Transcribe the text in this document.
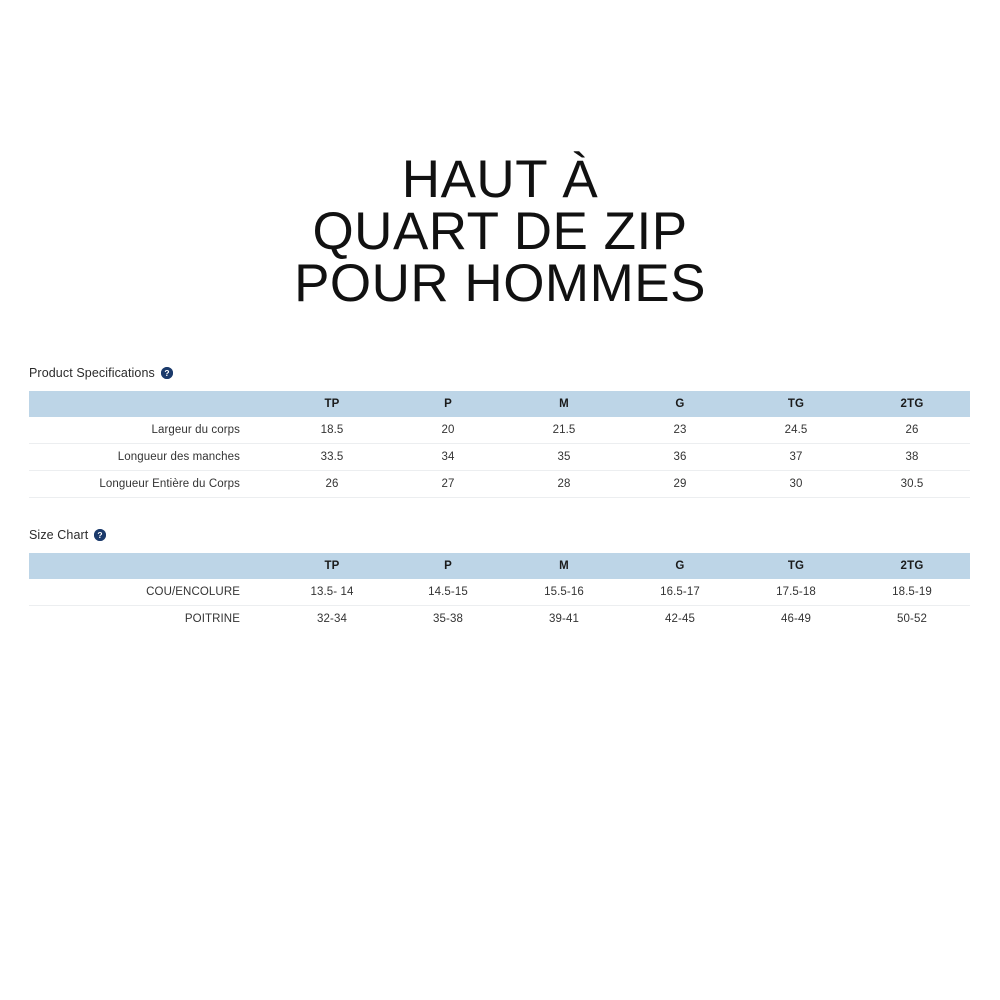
HAUT À
QUART DE ZIP
POUR HOMMES
Product Specifications ?
	TP	P	M	G	TG	2TG
Largeur du corps	18.5	20	21.5	23	24.5	26
Longueur des manches	33.5	34	35	36	37	38
Longueur Entière du Corps	26	27	28	29	30	30.5
Size Chart ?
	TP	P	M	G	TG	2TG
COU/ENCOLURE	13.5- 14	14.5-15	15.5-16	16.5-17	17.5-18	18.5-19
POITRINE	32-34	35-38	39-41	42-45	46-49	50-52
